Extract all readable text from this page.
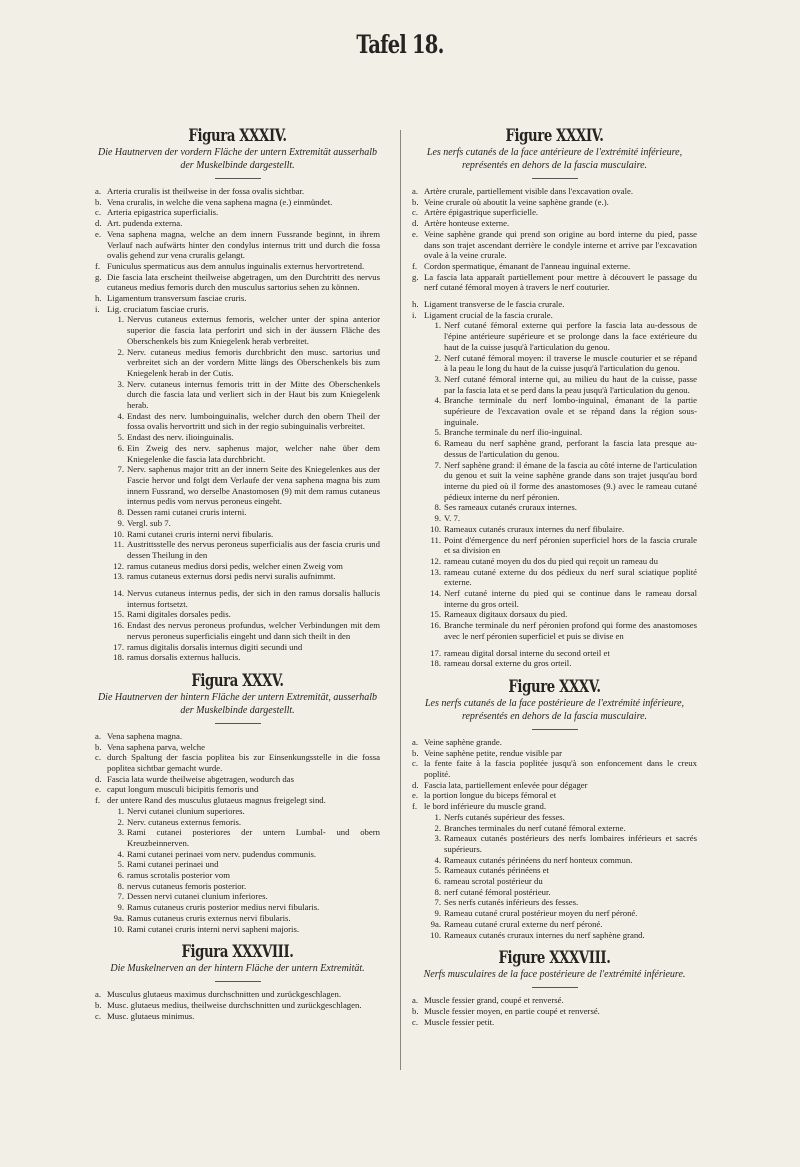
Tafel 18.
Figura XXXIV.
Die Hautnerven der vordern Fläche der untern Extremität ausserhalb der Muskelbinde dargestellt.
a. Arteria cruralis ist theilweise in der fossa ovalis sichtbar.
b. Vena cruralis, in welche die vena saphena magna (e.) einmündet.
c. Arteria epigastrica superficialis.
d. Art. pudenda externa.
e. Vena saphena magna, welche an dem innern Fussrande beginnt, in ihrem Verlauf nach aufwärts hinter den condylus internus tritt und durch die fossa ovalis gehend zur vena cruralis gelangt.
f. Funiculus spermaticus aus dem annulus inguinalis externus hervortretend.
g. Die fascia lata erscheint theilweise abgetragen, um den Durchtritt des nervus cutaneus medius femoris durch den musculus sartorius sehen zu können.
h. Ligamentum transversum fasciae cruris.
i. Lig. cruciatum fasciae cruris.
1. Nervus cutaneus externus femoris, welcher unter der spina anterior superior die fascia lata perforirt und sich in der äussern Fläche des Oberschenkels bis zum Kniegelenk herab verbreitet.
2. Nerv. cutaneus medius femoris durchbricht den musc. sartorius und verbreitet sich an der vordern Mitte längs des Oberschenkels bis zum Kniegelenk herab in der Cutis.
3. Nerv. cutaneus internus femoris tritt in der Mitte des Oberschenkels durch die fascia lata und verliert sich in der Haut bis zum Kniegelenk herab.
4. Endast des nerv. lumboinguinalis, welcher durch den obern Theil der fossa ovalis hervortritt und sich in der regio subinguinalis verbreitet.
5. Endast des nerv. ilioinguinalis.
6. Ein Zweig des nerv. saphenus major, welcher nahe über dem Kniegelenke die fascia lata durchbricht.
7. Nerv. saphenus major tritt an der innern Seite des Kniegelenkes aus der Fascie hervor und folgt dem Verlaufe der vena saphena magna bis zum innern Fussrand, wo derselbe Anastomosen (9) mit dem ramus cutaneus internus pedis vom nervus peroneus eingeht.
8. Dessen rami cutanei cruris interni.
9. Vergl. sub 7.
10. Rami cutanei cruris interni nervi fibularis.
11. Austrittsstelle des nervus peroneus superficialis aus der fascia cruris und dessen Theilung in den
12. ramus cutaneus medius dorsi pedis, welcher einen Zweig vom
13. ramus cutaneus externus dorsi pedis nervi suralis aufnimmt.
14. Nervus cutaneus internus pedis, der sich in den ramus dorsalis hallucis internus fortsetzt.
15. Rami digitales dorsales pedis.
16. Endast des nervus peroneus profundus, welcher Verbindungen mit dem nervus peroneus superficialis eingeht und dann sich theilt in den
17. ramus digitalis dorsalis internus digiti secundi und
18. ramus dorsalis externus hallucis.
Figura XXXV.
Die Hautnerven der hintern Fläche der untern Extremität, ausserhalb der Muskelbinde dargestellt.
a. Vena saphena magna.
b. Vena saphena parva, welche
c. durch Spaltung der fascia poplitea bis zur Einsenkungsstelle in die fossa poplitea sichtbar gemacht wurde.
d. Fascia lata wurde theilweise abgetragen, wodurch das
e. caput longum musculi bicipitis femoris und
f. der untere Rand des musculus glutaeus magnus freigelegt sind.
1. Nervi cutanei clunium superiores.
2. Nerv. cutaneus externus femoris.
3. Rami cutanei posteriores der untern Lumbal- und obern Kreuzbeinnerven.
4. Rami cutanei perinaei vom nerv. pudendus communis.
5. Rami cutanei perinaei und
6. ramus scrotalis posterior vom
8. nervus cutaneus femoris posterior.
7. Dessen nervi cutanei clunium inferiores.
9. Ramus cutaneus cruris posterior medius nervi fibularis.
9a. Ramus cutaneus cruris externus nervi fibularis.
10. Rami cutanei cruris interni nervi sapheni majoris.
Figura XXXVIII.
Die Muskelnerven an der hintern Fläche der untern Extremität.
a. Musculus glutaeus maximus durchschnitten und zurückgeschlagen.
b. Musc. glutaeus medius, theilweise durchschnitten und zurückgeschlagen.
c. Musc. glutaeus minimus.
Figure XXXIV.
Les nerfs cutanés de la face antérieure de l'extrémité inférieure, représentés en dehors de la fascia musculaire.
a. Artère crurale, partiellement visible dans l'excavation ovale.
b. Veine crurale où aboutit la veine saphène grande (e.).
c. Artère épigastrique superficielle.
d. Artère honteuse externe.
e. Veine saphène grande qui prend son origine au bord interne du pied, passe dans son trajet ascendant derrière le condyle interne et arrive par l'excavation ovale à la veine crurale.
f. Cordon spermatique, émanant de l'anneau inguinal externe.
g. La fascia lata apparaît partiellement pour mettre à découvert le passage du nerf cutané fémoral moyen à travers le nerf couturier.
h. Ligament transverse de le fascia crurale.
i. Ligament crucial de la fascia crurale.
1. Nerf cutané fémoral externe qui perfore la fascia lata au-dessous de l'épine antérieure supérieure et se prolonge dans la face extérieure du haut de la cuisse jusqu'à l'articulation du genou.
2. Nerf cutané fémoral moyen: il traverse le muscle couturier et se répand à la peau le long du haut de la cuisse jusqu'à l'articulation du genou.
3. Nerf cutané fémoral interne qui, au milieu du haut de la cuisse, passe par la fascia lata et se perd dans la peau jusqu'à l'articulation du genou.
4. Branche terminale du nerf lombo-inguinal, émanant de la partie supérieure de l'excavation ovale et se répand dans la région sous-inguinale.
5. Branche terminale du nerf ilio-inguinal.
6. Rameau du nerf saphène grand, perforant la fascia lata presque au-dessus de l'articulation du genou.
7. Nerf saphène grand: il émane de la fascia au côté interne de l'articulation du genou et suit la veine saphène grande dans son trajet jusqu'au bord interne du pied où il forme des anastomoses (9.) avec le rameau cutané pédieux interne du nerf péronien.
8. Ses rameaux cutanés cruraux internes.
9. V. 7.
10. Rameaux cutanés cruraux internes du nerf fibulaire.
11. Point d'émergence du nerf péronien superficiel hors de la fascia crurale et sa division en
12. rameau cutané moyen du dos du pied qui reçoit un rameau du
13. rameau cutané externe du dos pédieux du nerf sural sciatique poplité externe.
14. Nerf cutané interne du pied qui se continue dans le rameau dorsal interne du gros orteil.
15. Rameaux digitaux dorsaux du pied.
16. Branche terminale du nerf péronien profond qui forme des anastomoses avec le nerf péronien superficiel et puis se divise en
17. rameau digital dorsal interne du second orteil et
18. rameau dorsal externe du gros orteil.
Figure XXXV.
Les nerfs cutanés de la face postérieure de l'extrémité inférieure, représentés en dehors de la fascia musculaire.
a. Veine saphène grande.
b. Veine saphène petite, rendue visible par
c. la fente faite à la fascia poplitée jusqu'à son enfoncement dans le creux poplité.
d. Fascia lata, partiellement enlevée pour dégager
e. la portion longue du biceps fémoral et
f. le bord inférieure du muscle grand.
1. Nerfs cutanés supérieur des fesses.
2. Branches terminales du nerf cutané fémoral externe.
3. Rameaux cutanés postérieurs des nerfs lombaires inférieurs et sacrés supérieurs.
4. Rameaux cutanés périnéens du nerf honteux commun.
5. Rameaux cutanés périnéens et
6. rameau scrotal postérieur du
8. nerf cutané fémoral postérieur.
7. Ses nerfs cutanés inférieurs des fesses.
9. Rameau cutané crural postérieur moyen du nerf péroné.
9a. Rameau cutané crural externe du nerf péroné.
10. Rameaux cutanés cruraux internes du nerf saphène grand.
Figure XXXVIII.
Nerfs musculaires de la face postérieure de l'extrémité inférieure.
a. Muscle fessier grand, coupé et renversé.
b. Muscle fessier moyen, en partie coupé et renversé.
c. Muscle fessier petit.
